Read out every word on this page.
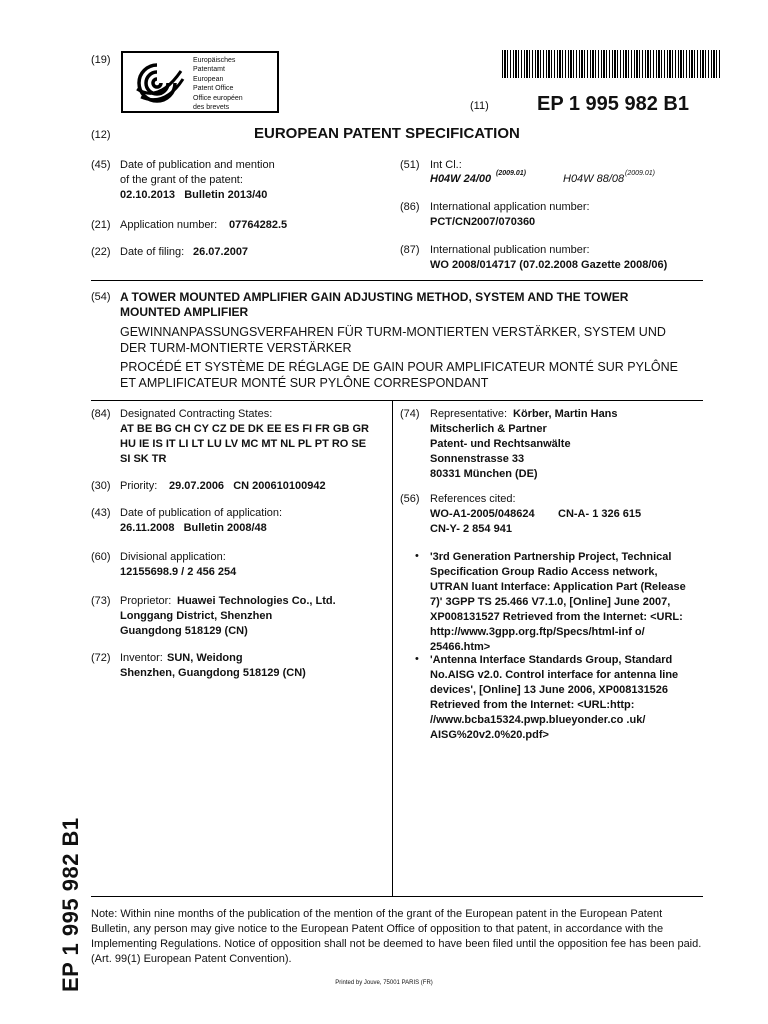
EP 1 995 982 B1
(19)	Europäisches
Patentamt
European
Patent Office
Office européen
des brevets	(11) EP 1 995 982 B1
(12)	EUROPEAN PATENT SPECIFICATION
(45) Date of publication and mention
of the grant of the patent:
02.10.2013   Bulletin 2013/40
(21) Application number: 07764282.5
(22) Date of filing: 26.07.2007
(51) Int Cl.:
H04W 24/00 (2009.01)	H04W 88/08 (2009.01)
(86) International application number:
PCT/CN2007/070360
(87) International publication number:
WO 2008/014717 (07.02.2008 Gazette 2008/06)
(54) A TOWER MOUNTED AMPLIFIER GAIN ADJUSTING METHOD, SYSTEM AND THE TOWER
MOUNTED AMPLIFIER
GEWINNANPASSUNGSVERFAHREN FÜR TURM-MONTIERTEN VERSTÄRKER, SYSTEM UND
DER TURM-MONTIERTE VERSTÄRKER
PROCÉDÉ ET SYSTÈME DE RÉGLAGE DE GAIN POUR AMPLIFICATEUR MONTÉ SUR PYLÔNE
ET AMPLIFICATEUR MONTÉ SUR PYLÔNE CORRESPONDANT
(84) Designated Contracting States:
AT BE BG CH CY CZ DE DK EE ES FI FR GB GR
HU IE IS IT LI LT LU LV MC MT NL PL PT RO SE
SI SK TR
(30) Priority: 29.07.2006   CN 200610100942
(43) Date of publication of application:
26.11.2008   Bulletin 2008/48
(60) Divisional application:
12155698.9 / 2 456 254
(73) Proprietor: Huawei Technologies Co., Ltd.
Longgang District, Shenzhen
Guangdong 518129 (CN)
(72) Inventor: SUN, Weidong
Shenzhen, Guangdong 518129 (CN)
(74) Representative: Körber, Martin Hans
Mitscherlich & Partner
Patent- und Rechtsanwälte
Sonnenstrasse 33
80331 München (DE)
(56) References cited:
WO-A1-2005/048624 CN-A- 1 326 615
CN-Y- 2 854 941
• '3rd Generation Partnership Project, Technical
Specification Group Radio Access network,
UTRAN luant Interface: Application Part (Release
7)' 3GPP TS 25.466 V7.1.0, [Online] June 2007,
XP008131527 Retrieved from the Internet: <URL:
http://www.3gpp.org.ftp/Specs/html-inf o/
25466.htm>
• 'Antenna Interface Standards Group, Standard
No.AISG v2.0. Control interface for antenna line
devices', [Online] 13 June 2006, XP008131526
Retrieved from the Internet: <URL:http:
//www.bcba15324.pwp.blueyonder.co .uk/
AISG%20v2.0%20.pdf>
Note: Within nine months of the publication of the mention of the grant of the European patent in the European Patent Bulletin, any person may give notice to the European Patent Office of opposition to that patent, in accordance with the Implementing Regulations. Notice of opposition shall not be deemed to have been filed until the opposition fee has been paid. (Art. 99(1) European Patent Convention).
Printed by Jouve, 75001 PARIS (FR)
